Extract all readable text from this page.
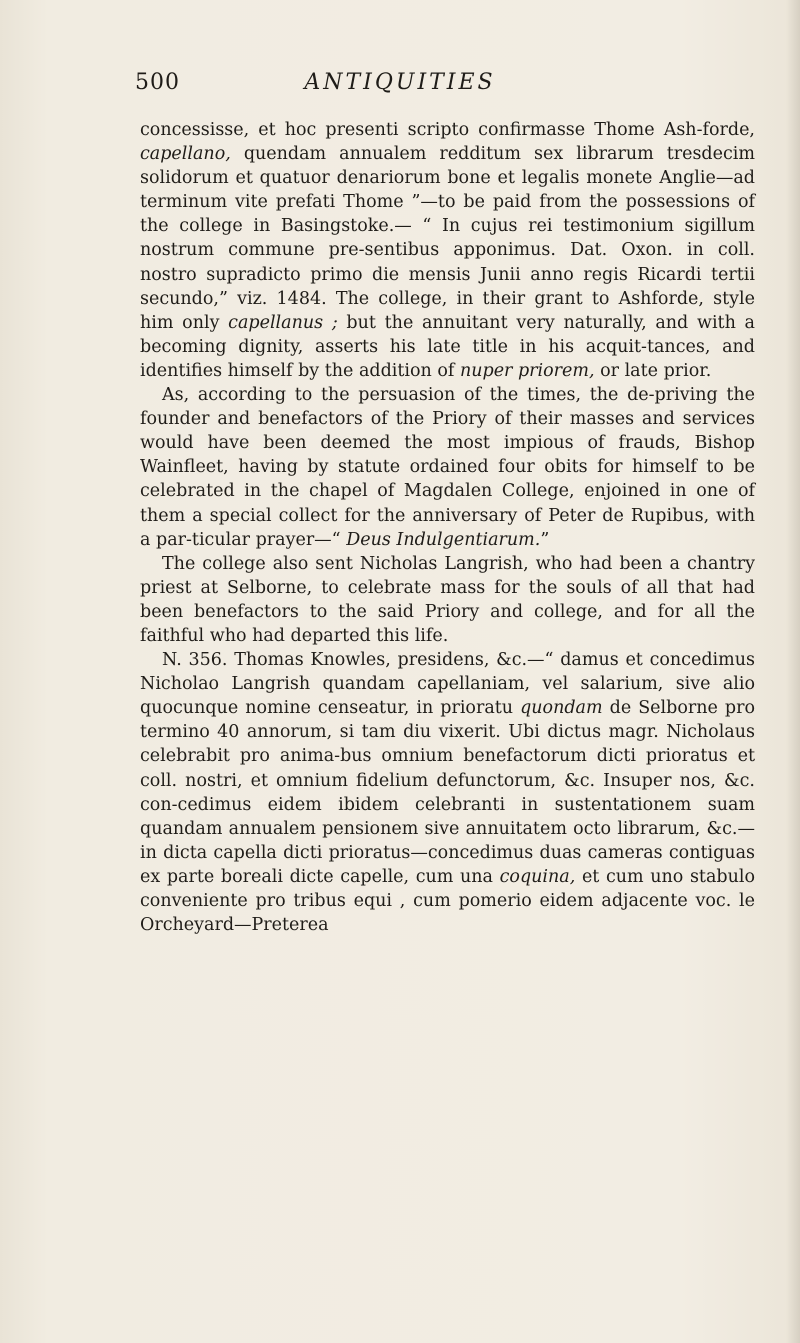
500	ANTIQUITIES

concessisse, et hoc presenti scripto confirmasse Thome Ash-forde, capellano, quendam annualem redditum sex librarum tresdecim solidorum et quatuor denariorum bone et legalis monete Anglie—ad terminum vite prefati Thome ”—to be paid from the possessions of the college in Basingstoke.— “ In cujus rei testimonium sigillum nostrum commune pre-sentibus apponimus. Dat. Oxon. in coll. nostro supradicto primo die mensis Junii anno regis Ricardi tertii secundo,” viz. 1484. The college, in their grant to Ashforde, style him only capellanus ; but the annuitant very naturally, and with a becoming dignity, asserts his late title in his acquit-tances, and identifies himself by the addition of nuper priorem, or late prior.

As, according to the persuasion of the times, the de-priving the founder and benefactors of the Priory of their masses and services would have been deemed the most impious of frauds, Bishop Wainfleet, having by statute ordained four obits for himself to be celebrated in the chapel of Magdalen College, enjoined in one of them a special collect for the anniversary of Peter de Rupibus, with a par-ticular prayer—“ Deus Indulgentiarum.”

The college also sent Nicholas Langrish, who had been a chantry priest at Selborne, to celebrate mass for the souls of all that had been benefactors to the said Priory and college, and for all the faithful who had departed this life.

N. 356. Thomas Knowles, presidens, &c.—“ damus et concedimus Nicholao Langrish quandam capellaniam, vel salarium, sive alio quocunque nomine censeatur, in prioratu quondam de Selborne pro termino 40 annorum, si tam diu vixerit. Ubi dictus magr. Nicholaus celebrabit pro anima-bus omnium benefactorum dicti prioratus et coll. nostri, et omnium fidelium defunctorum, &c. Insuper nos, &c. con-cedimus eidem ibidem celebranti in sustentationem suam quandam annualem pensionem sive annuitatem octo librarum, &c.—in dicta capella dicti prioratus—concedimus duas cameras contiguas ex parte boreali dicte capelle, cum una coquina, et cum uno stabulo conveniente pro tribus equi , cum pomerio eidem adjacente voc. le Orcheyard—Preterea
